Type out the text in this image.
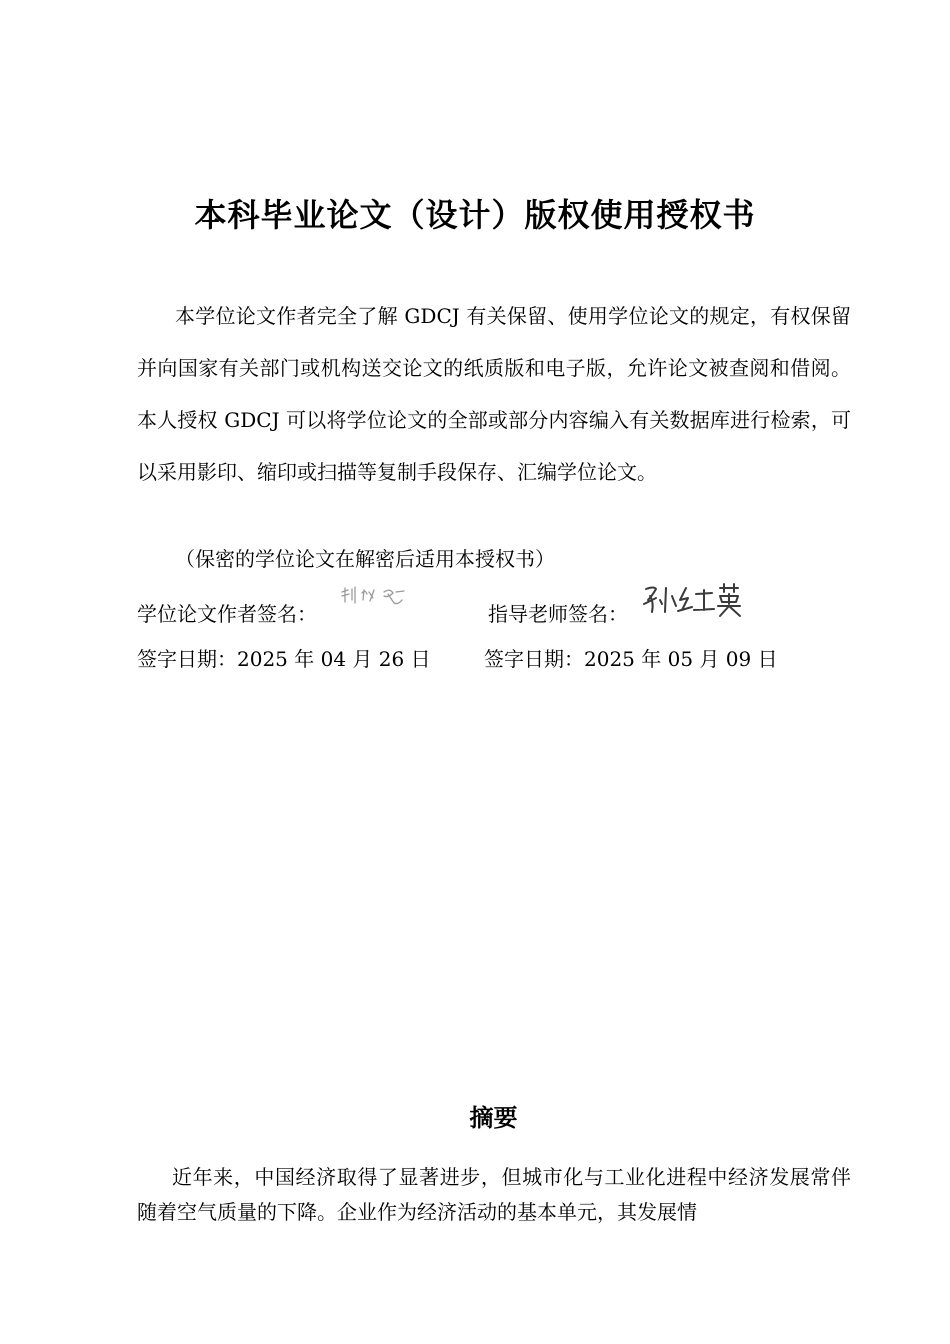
本科毕业论文（设计）版权使用授权书
本学位论文作者完全了解 GDCJ 有关保留、使用学位论文的规定，有权保留并向国家有关部门或机构送交论文的纸质版和电子版，允许论文被查阅和借阅。本人授权 GDCJ 可以将学位论文的全部或部分内容编入有关数据库进行检索，可以采用影印、缩印或扫描等复制手段保存、汇编学位论文。
（保密的学位论文在解密后适用本授权书）
学位论文作者签名：	指导老师签名：
签字日期：2025 年 04 月 26 日	签字日期：2025 年 05 月 09 日
摘要
近年来，中国经济取得了显著进步，但城市化与工业化进程中经济发展常伴随着空气质量的下降。企业作为经济活动的基本单元，其发展情
